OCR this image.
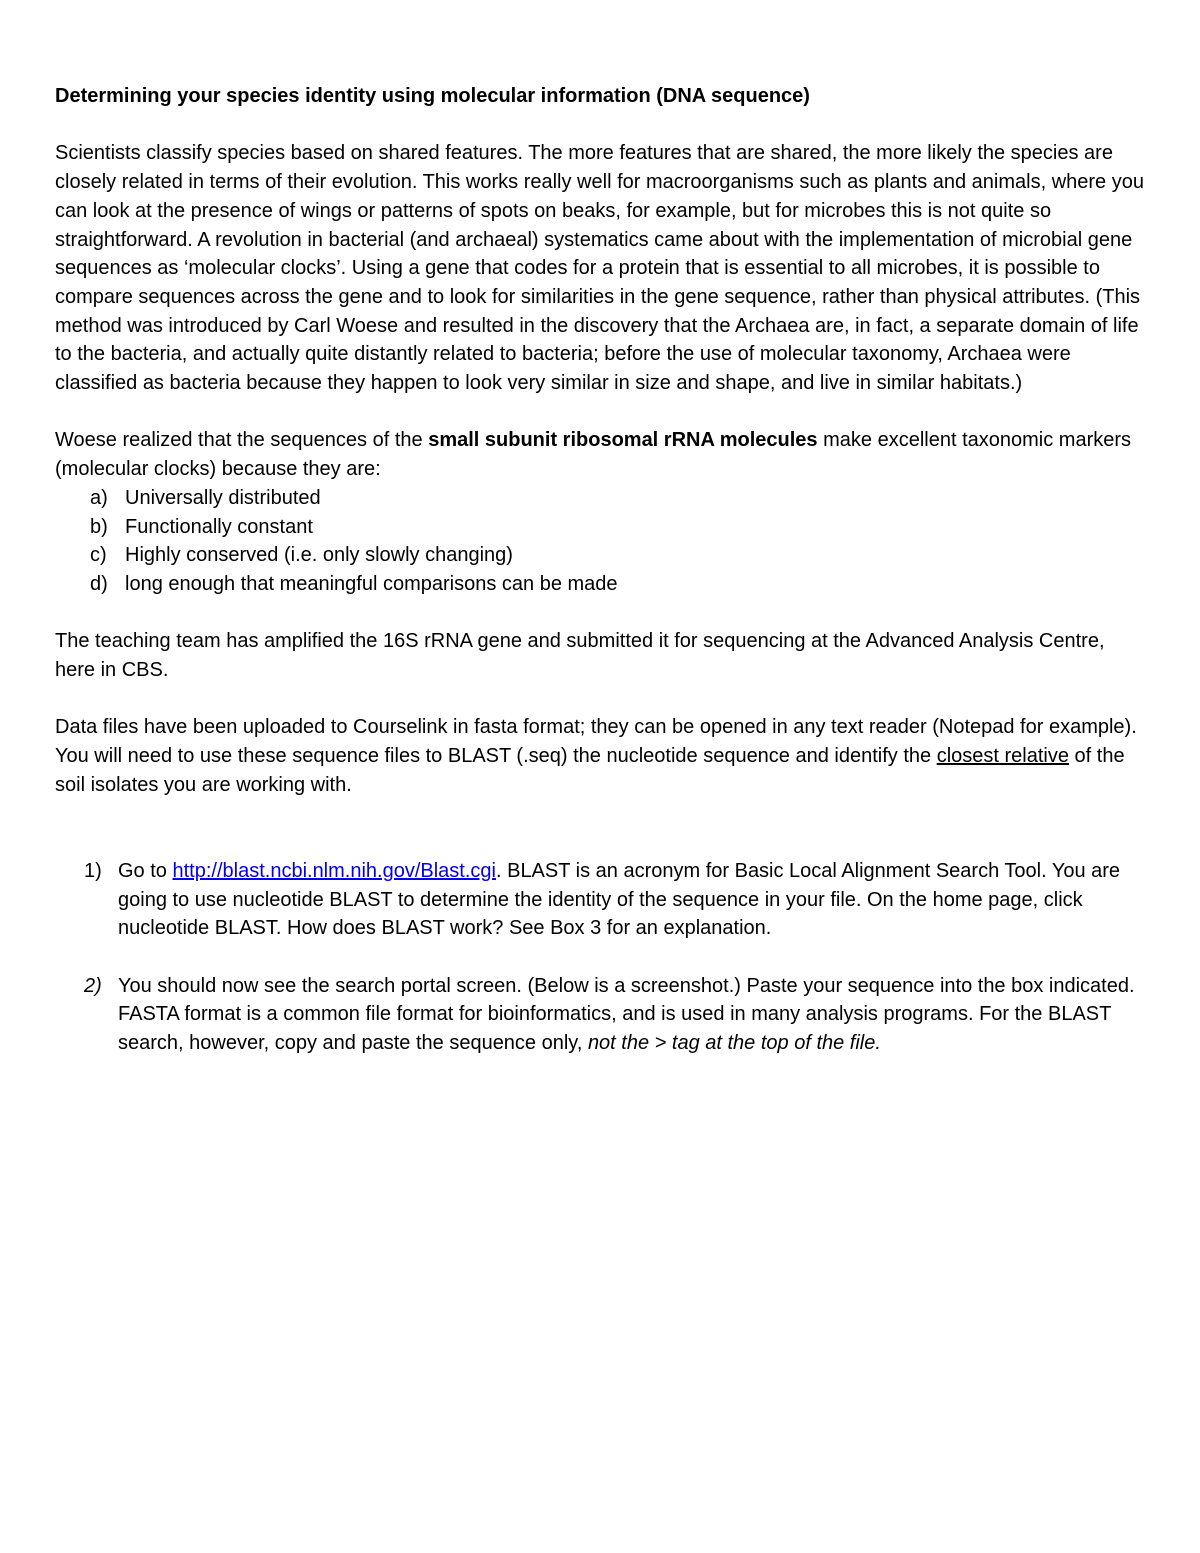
Determining your species identity using molecular information (DNA sequence)

Scientists classify species based on shared features. The more features that are shared, the more likely the species are closely related in terms of their evolution. This works really well for macroorganisms such as plants and animals, where you can look at the presence of wings or patterns of spots on beaks, for example, but for microbes this is not quite so straightforward. A revolution in bacterial (and archaeal) systematics came about with the implementation of microbial gene sequences as ‘molecular clocks’. Using a gene that codes for a protein that is essential to all microbes, it is possible to compare sequences across the gene and to look for similarities in the gene sequence, rather than physical attributes. (This method was introduced by Carl Woese and resulted in the discovery that the Archaea are, in fact, a separate domain of life to the bacteria, and actually quite distantly related to bacteria; before the use of molecular taxonomy, Archaea were classified as bacteria because they happen to look very similar in size and shape, and live in similar habitats.)

Woese realized that the sequences of the small subunit ribosomal rRNA molecules make excellent taxonomic markers (molecular clocks) because they are:

a) Universally distributed
b) Functionally constant
c) Highly conserved (i.e. only slowly changing)
d) long enough that meaningful comparisons can be made

The teaching team has amplified the 16S rRNA gene and submitted it for sequencing at the Advanced Analysis Centre, here in CBS.

Data files have been uploaded to Courselink in fasta format; they can be opened in any text reader (Notepad for example).

You will need to use these sequence files to BLAST (.seq) the nucleotide sequence and identify the closest relative of the soil isolates you are working with.

1) Go to http://blast.ncbi.nlm.nih.gov/Blast.cgi. BLAST is an acronym for Basic Local Alignment Search Tool. You are going to use nucleotide BLAST to determine the identity of the sequence in your file. On the home page, click nucleotide BLAST. How does BLAST work? See Box 3 for an explanation.
2) You should now see the search portal screen. (Below is a screenshot.) Paste your sequence into the box indicated. FASTA format is a common file format for bioinformatics, and is used in many analysis programs. For the BLAST search, however, copy and paste the sequence only, not the > tag at the top of the file.
